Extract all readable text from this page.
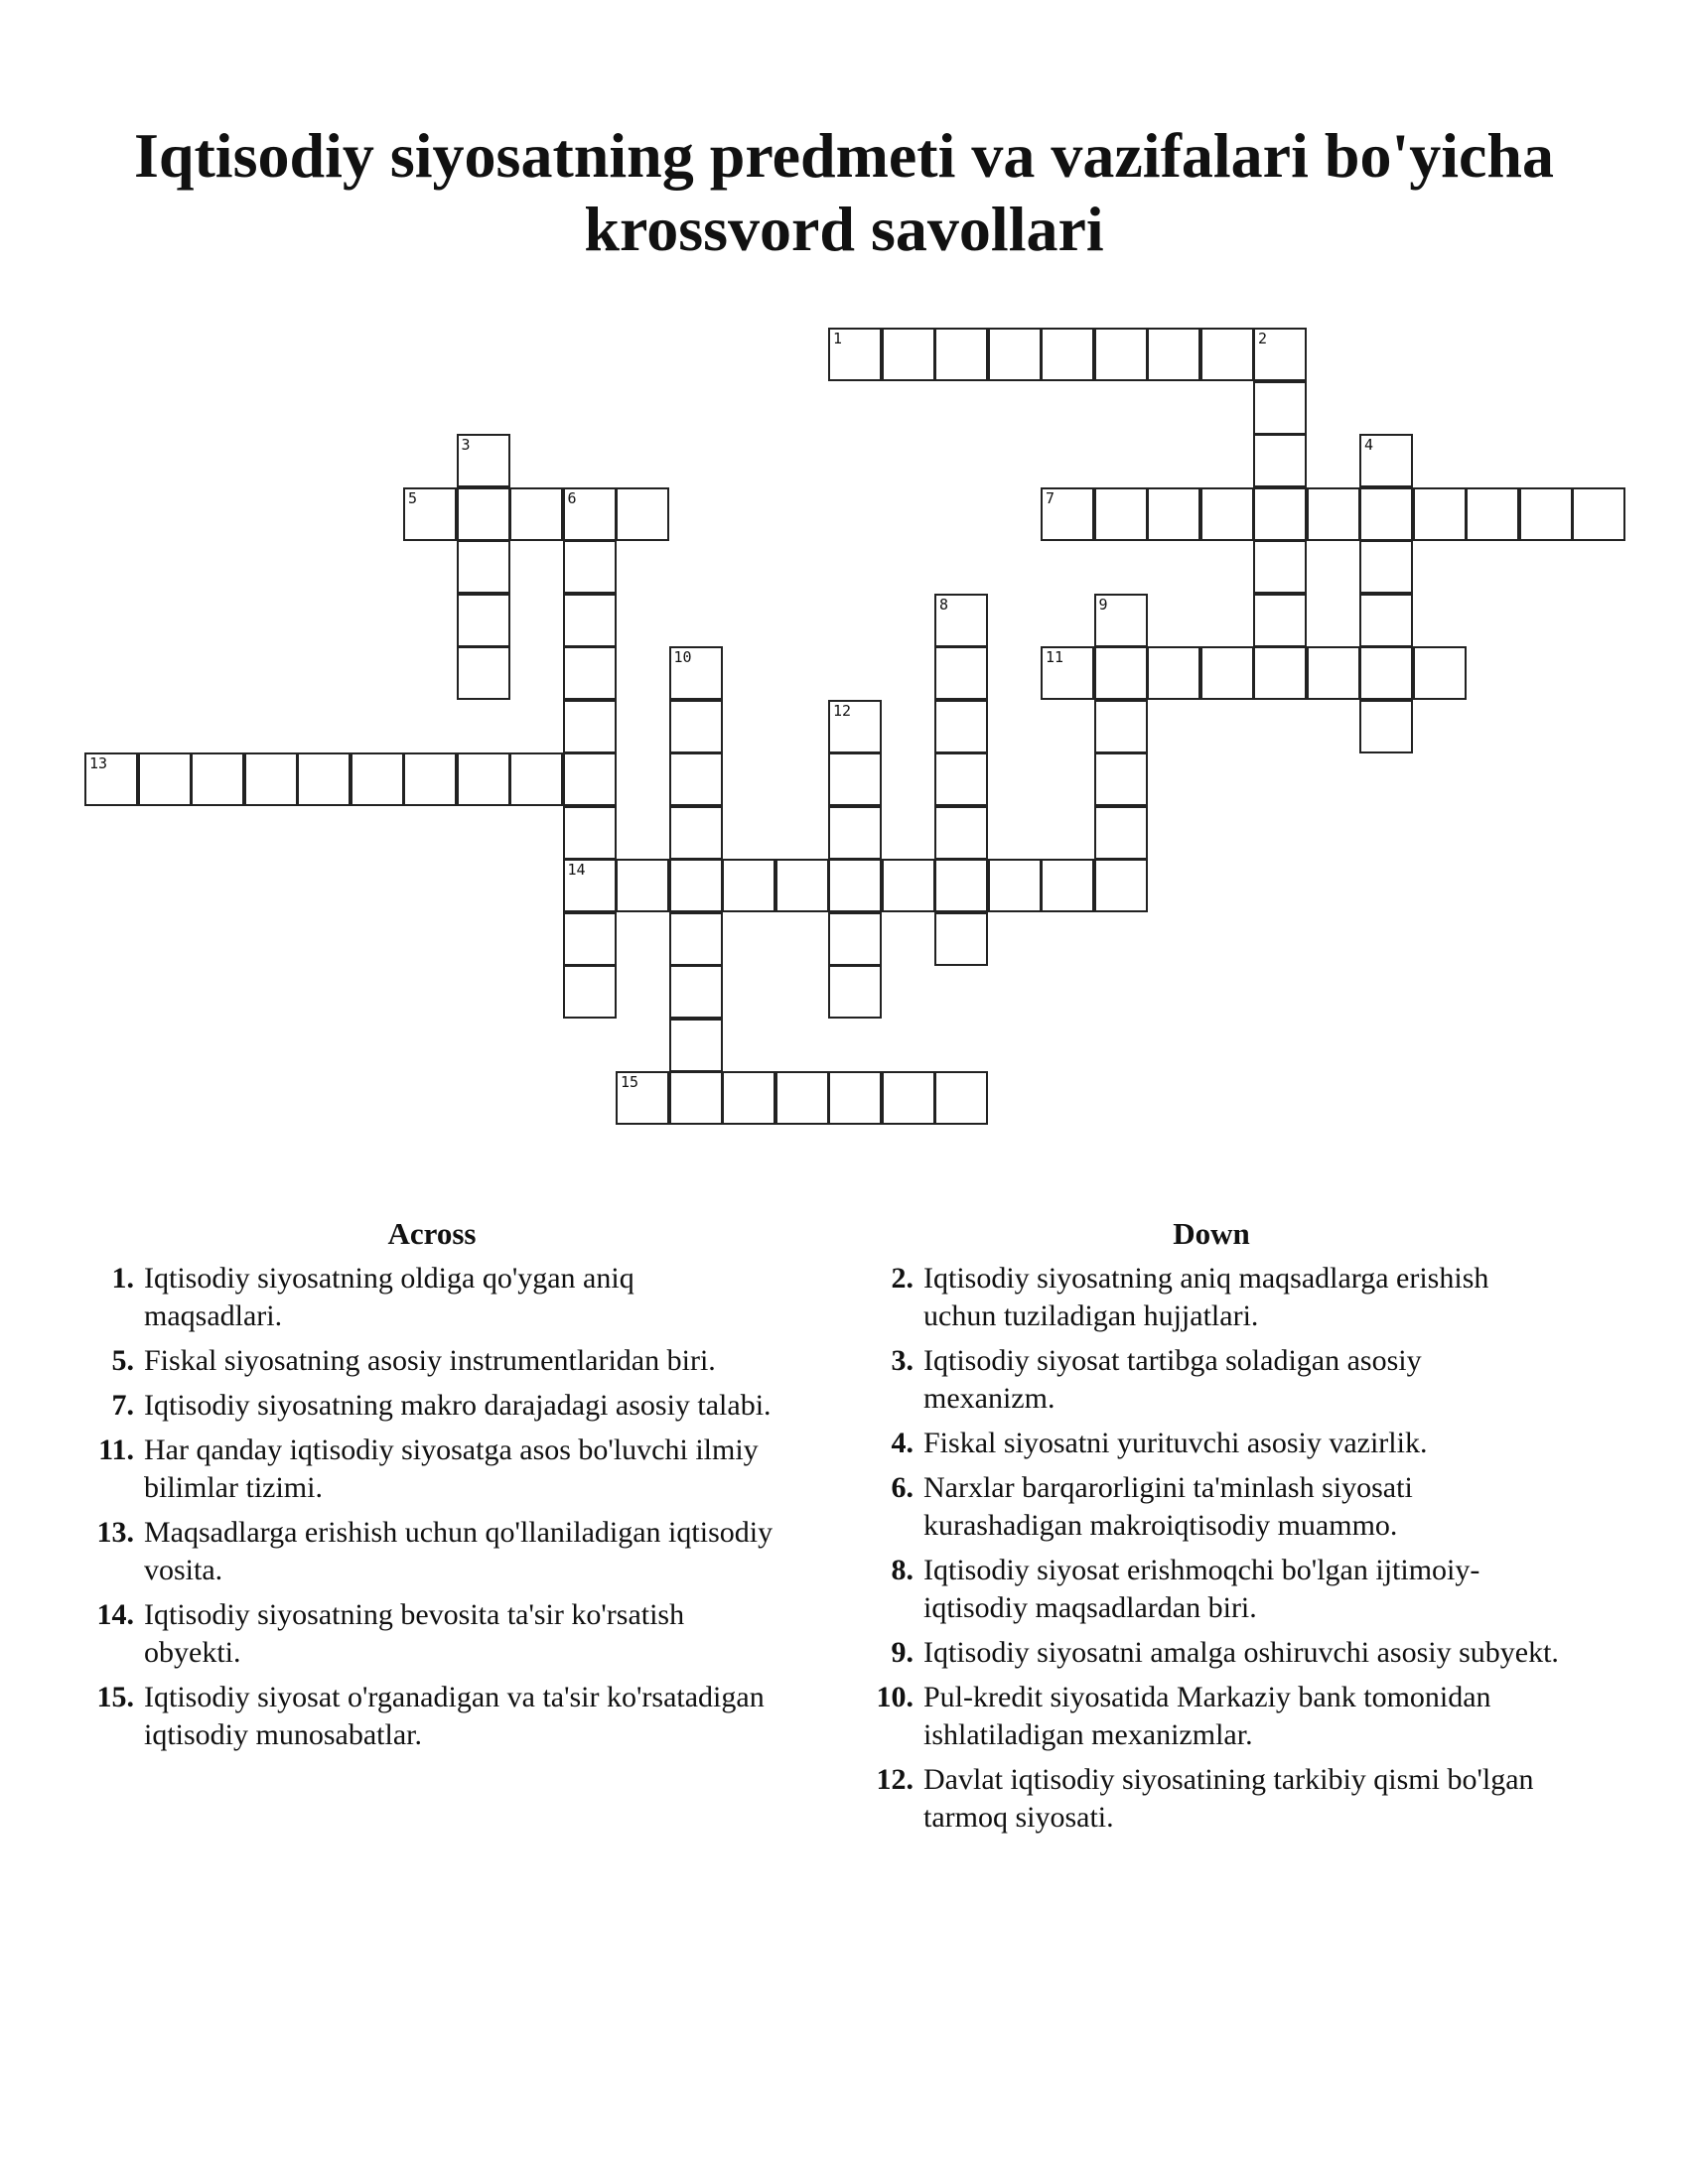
Iqtisodiy siyosatning predmeti va vazifalari bo'yicha krossvord savollari
1	2
3	4
5	6
14
7
8	9
10	11
12
13
15
Across
1. Iqtisodiy siyosatning oldiga qo'ygan aniq maqsadlari.
5. Fiskal siyosatning asosiy instrumentlaridan biri.
7. Iqtisodiy siyosatning makro darajadagi asosiy talabi.
11. Har qanday iqtisodiy siyosatga asos bo'luvchi ilmiy bilimlar tizimi.
13. Maqsadlarga erishish uchun qo'llaniladigan iqtisodiy vosita.
14. Iqtisodiy siyosatning bevosita ta'sir ko'rsatish obyekti.
15. Iqtisodiy siyosat o'rganadigan va ta'sir ko'rsatadigan iqtisodiy munosabatlar.
Down
2. Iqtisodiy siyosatning aniq maqsadlarga erishish uchun tuziladigan hujjatlari.
3. Iqtisodiy siyosat tartibga soladigan asosiy mexanizm.
4. Fiskal siyosatni yurituvchi asosiy vazirlik.
6. Narxlar barqarorligini ta'minlash siyosati kurashadigan makroiqtisodiy muammo.
8. Iqtisodiy siyosat erishmoqchi bo'lgan ijtimoiy-iqtisodiy maqsadlardan biri.
9. Iqtisodiy siyosatni amalga oshiruvchi asosiy subyekt.
10. Pul-kredit siyosatida Markaziy bank tomonidan ishlatiladigan mexanizmlar.
12. Davlat iqtisodiy siyosatining tarkibiy qismi bo'lgan tarmoq siyosati.
